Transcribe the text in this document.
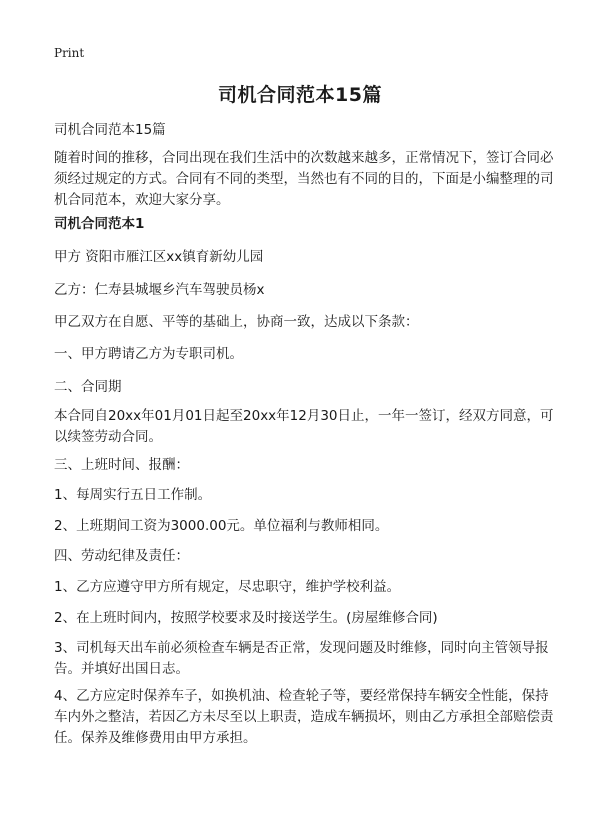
Print
司机合同范本15篇

司机合同范本15篇

随着时间的推移，合同出现在我们生活中的次数越来越多，正常情况下，签订合同必须经过规定的方式。合同有不同的类型，当然也有不同的目的，下面是小编整理的司机合同范本，欢迎大家分享。

司机合同范本1

甲方 资阳市雁江区xx镇育新幼儿园

乙方：仁寿县城堰乡汽车驾驶员杨x

甲乙双方在自愿、平等的基础上，协商一致，达成以下条款：

一、甲方聘请乙方为专职司机。

二、合同期

本合同自20xx年01月01日起至20xx年12月30日止，一年一签订，经双方同意，可以续签劳动合同。

三、上班时间、报酬：

1、每周实行五日工作制。

2、上班期间工资为3000.00元。单位福利与教师相同。

四、劳动纪律及责任：

1、乙方应遵守甲方所有规定，尽忠职守，维护学校利益。

2、在上班时间内，按照学校要求及时接送学生。(房屋维修合同)

3、司机每天出车前必须检查车辆是否正常，发现问题及时维修，同时向主管领导报告。并填好出国日志。

4、乙方应定时保养车子，如换机油、检查轮子等，要经常保持车辆安全性能，保持车内外之整洁，若因乙方未尽至以上职责，造成车辆损坏，则由乙方承担全部赔偿责任。保养及维修费用由甲方承担。
